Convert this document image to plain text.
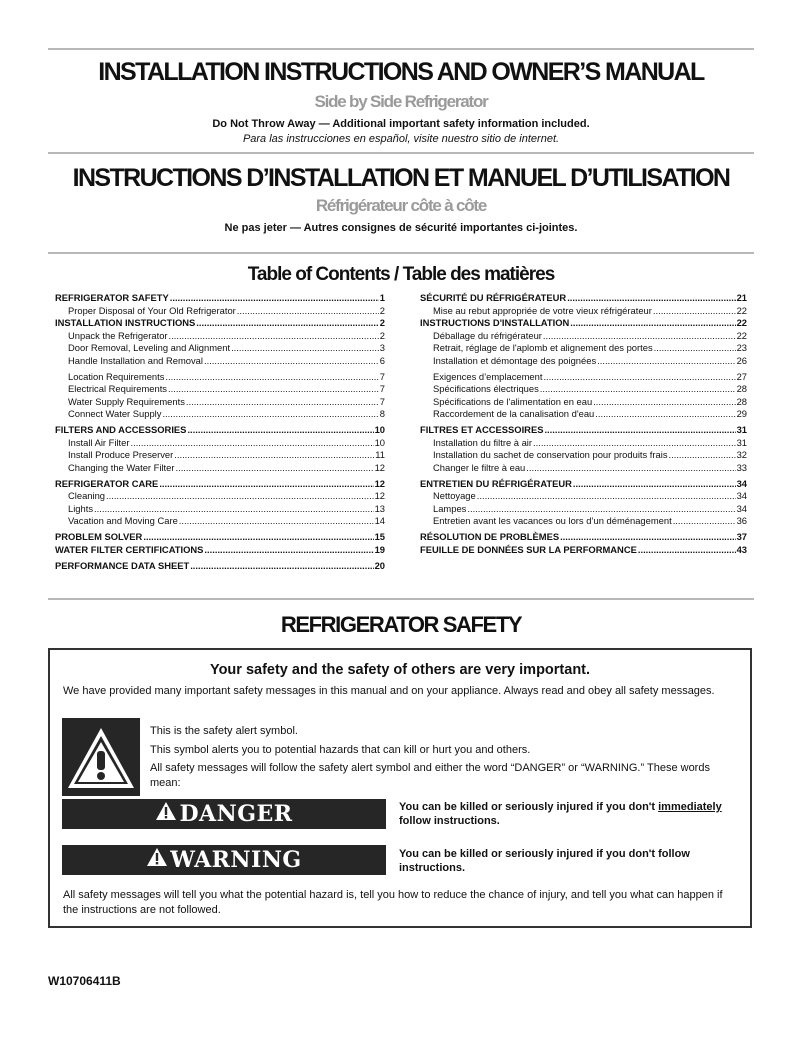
INSTALLATION INSTRUCTIONS AND OWNER’S MANUAL
Side by Side Refrigerator
Do Not Throw Away — Additional important safety information included.
Para las instrucciones en español, visite nuestro sitio de internet.
INSTRUCTIONS D’INSTALLATION ET MANUEL D’UTILISATION
Réfrigérateur côte à côte
Ne pas jeter — Autres consignes de sécurité importantes ci-jointes.
Table of Contents / Table des matières
REFRIGERATOR SAFETY .....	1
Proper Disposal of Your Old Refrigerator .....	2
INSTALLATION INSTRUCTIONS .....	2
Unpack the Refrigerator .....	2
Door Removal, Leveling and Alignment .....	3
Handle Installation and Removal .....	6
Location Requirements .....	7
Electrical Requirements .....	7
Water Supply Requirements .....	7
Connect Water Supply .....	8
FILTERS AND ACCESSORIES .....	10
Install Air Filter .....	10
Install Produce Preserver .....	11
Changing the Water Filter .....	12
REFRIGERATOR CARE .....	12
Cleaning .....	12
Lights .....	13
Vacation and Moving Care .....	14
PROBLEM SOLVER .....	15
WATER FILTER CERTIFICATIONS .....	19
PERFORMANCE DATA SHEET .....	20
SÉCURITÉ DU RÉFRIGÉRATEUR .....	21
Mise au rebut appropriée de votre vieux réfrigérateur .....	22
INSTRUCTIONS D'INSTALLATION .....	22
Déballage du réfrigérateur .....	22
Retrait, réglage de l'aplomb et alignement des portes .....	23
Installation et démontage des poignées .....	26
Exigences d’emplacement .....	27
Spécifications électriques .....	28
Spécifications de l'alimentation en eau .....	28
Raccordement de la canalisation d'eau .....	29
FILTRES ET ACCESSOIRES .....	31
Installation du filtre à air .....	31
Installation du sachet de conservation pour produits frais .....	32
Changer le filtre à eau .....	33
ENTRETIEN DU RÉFRIGÉRATEUR .....	34
Nettoyage .....	34
Lampes .....	34
Entretien avant les vacances ou lors d’un déménagement .....	36
RÉSOLUTION DE PROBLÈMES .....	37
FEUILLE DE DONNÉES SUR LA PERFORMANCE .....	43
REFRIGERATOR SAFETY
Your safety and the safety of others are very important.
We have provided many important safety messages in this manual and on your appliance. Always read and obey all safety messages.
This is the safety alert symbol.
This symbol alerts you to potential hazards that can kill or hurt you and others.
All safety messages will follow the safety alert symbol and either the word “DANGER” or “WARNING.” These words mean:
All safety messages will tell you what the potential hazard is, tell you how to reduce the chance of injury, and tell you what can happen if the instructions are not followed.
DANGER	You can be killed or seriously injured if you don't immediately follow instructions.
WARNING	You can be killed or seriously injured if you don't follow instructions.
W10706411B
